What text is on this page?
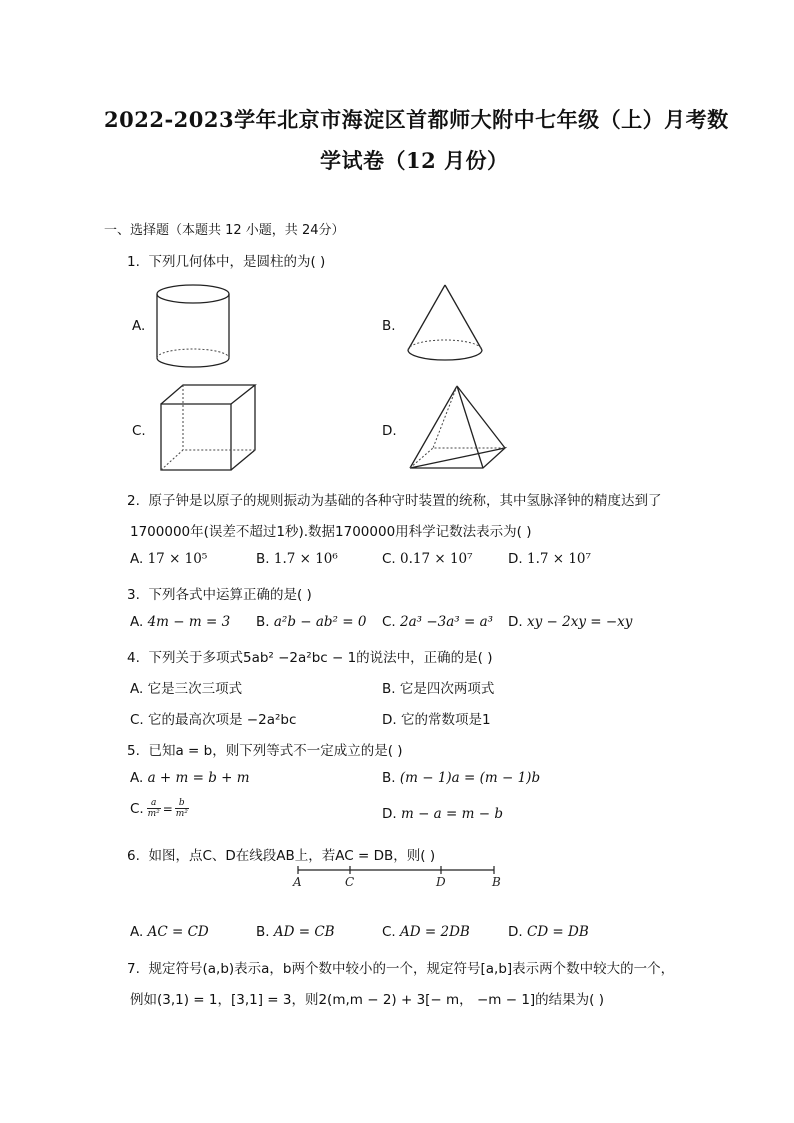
2022-2023学年北京市海淀区首都师大附中七年级（上）月考数
学试卷（12 月份）
一、选择题（本题共 12 小题，共 24分）
1. 下列几何体中，是圆柱的为( )
A.	B.
C.	D.
2. 原子钟是以原子的规则振动为基础的各种守时装置的统称，其中氢脉泽钟的精度达到了
1700000年(误差不超过1秒).数据1700000用科学记数法表示为( )
A. 17 × 10⁵	B. 1.7 × 10⁶	C. 0.17 × 10⁷	D. 1.7 × 10⁷
3. 下列各式中运算正确的是( )
A. 4m − m = 3 B. a²b − ab² = 0 C. 2a³ −3a³ = a³ D. xy − 2xy = −xy
4. 下列关于多项式5ab² −2a²bc − 1的说法中，正确的是( )
A. 它是三次三项式	B. 它是四次两项式
C. 它的最高次项是 −2a²bc	D. 它的常数项是1
5. 已知a = b，则下列等式不一定成立的是( )
A. a + m = b + m	B. (m − 1)a = (m − 1)b
C. a
m² = b
m²	D. m − a = m − b
6. 如图，点C、D在线段AB上，若AC = DB，则( )
A	C	D	B
A. AC = CD	B. AD = CB	C. AD = 2DB	D. CD = DB
7. 规定符号(a,b)表示a，b两个数中较小的一个，规定符号[a,b]表示两个数中较大的一个，
例如(3,1) = 1，[3,1] = 3，则2(m,m − 2) + 3[− m， −m − 1]的结果为( )
